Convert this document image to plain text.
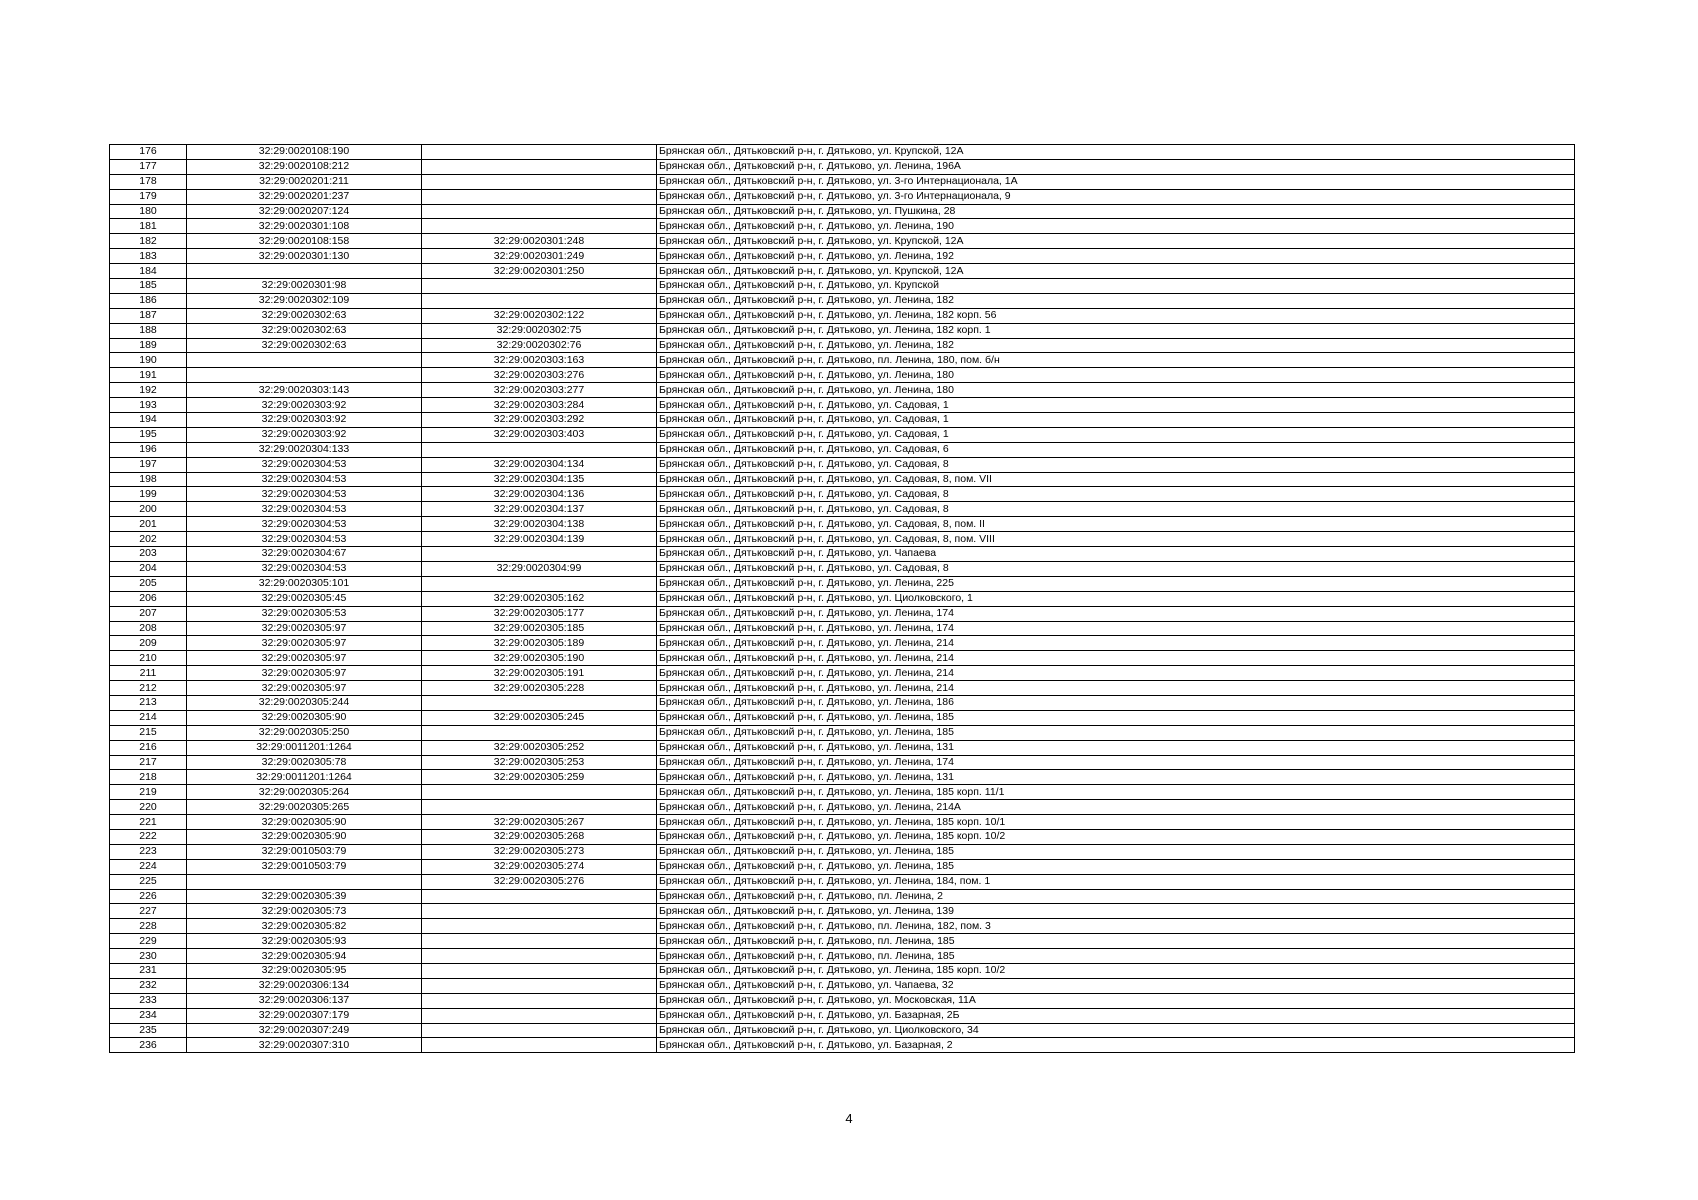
176	32:29:0020108:190		Брянская обл., Дятьковский р-н, г. Дятьково, ул. Крупской, 12А
177	32:29:0020108:212		Брянская обл., Дятьковский р-н, г. Дятьково, ул. Ленина, 196А
178	32:29:0020201:211		Брянская обл., Дятьковский р-н, г. Дятьково, ул. 3-го Интернационала, 1А
179	32:29:0020201:237		Брянская обл., Дятьковский р-н, г. Дятьково, ул. 3-го Интернационала, 9
180	32:29:0020207:124		Брянская обл., Дятьковский р-н, г. Дятьково, ул. Пушкина, 28
181	32:29:0020301:108		Брянская обл., Дятьковский р-н, г. Дятьково, ул. Ленина, 190
182	32:29:0020108:158	32:29:0020301:248	Брянская обл., Дятьковский р-н, г. Дятьково, ул. Крупской, 12А
183	32:29:0020301:130	32:29:0020301:249	Брянская обл., Дятьковский р-н, г. Дятьково, ул. Ленина, 192
184		32:29:0020301:250	Брянская обл., Дятьковский р-н, г. Дятьково, ул. Крупской, 12А
185	32:29:0020301:98		Брянская обл., Дятьковский р-н, г. Дятьково, ул. Крупской
186	32:29:0020302:109		Брянская обл., Дятьковский р-н, г. Дятьково, ул. Ленина, 182
187	32:29:0020302:63	32:29:0020302:122	Брянская обл., Дятьковский р-н, г. Дятьково, ул. Ленина, 182 корп. 56
188	32:29:0020302:63	32:29:0020302:75	Брянская обл., Дятьковский р-н, г. Дятьково, ул. Ленина, 182 корп. 1
189	32:29:0020302:63	32:29:0020302:76	Брянская обл., Дятьковский р-н, г. Дятьково, ул. Ленина, 182
190		32:29:0020303:163	Брянская обл., Дятьковский р-н, г. Дятьково, пл. Ленина, 180, пом. б/н
191		32:29:0020303:276	Брянская обл., Дятьковский р-н, г. Дятьково, ул. Ленина, 180
192	32:29:0020303:143	32:29:0020303:277	Брянская обл., Дятьковский р-н, г. Дятьково, ул. Ленина, 180
193	32:29:0020303:92	32:29:0020303:284	Брянская обл., Дятьковский р-н, г. Дятьково, ул. Садовая, 1
194	32:29:0020303:92	32:29:0020303:292	Брянская обл., Дятьковский р-н, г. Дятьково, ул. Садовая, 1
195	32:29:0020303:92	32:29:0020303:403	Брянская обл., Дятьковский р-н, г. Дятьково, ул. Садовая, 1
196	32:29:0020304:133		Брянская обл., Дятьковский р-н, г. Дятьково, ул. Садовая, 6
197	32:29:0020304:53	32:29:0020304:134	Брянская обл., Дятьковский р-н, г. Дятьково, ул. Садовая, 8
198	32:29:0020304:53	32:29:0020304:135	Брянская обл., Дятьковский р-н, г. Дятьково, ул. Садовая, 8, пом. VII
199	32:29:0020304:53	32:29:0020304:136	Брянская обл., Дятьковский р-н, г. Дятьково, ул. Садовая, 8
200	32:29:0020304:53	32:29:0020304:137	Брянская обл., Дятьковский р-н, г. Дятьково, ул. Садовая, 8
201	32:29:0020304:53	32:29:0020304:138	Брянская обл., Дятьковский р-н, г. Дятьково, ул. Садовая, 8, пом. II
202	32:29:0020304:53	32:29:0020304:139	Брянская обл., Дятьковский р-н, г. Дятьково, ул. Садовая, 8, пом. VIII
203	32:29:0020304:67		Брянская обл., Дятьковский р-н, г. Дятьково, ул. Чапаева
204	32:29:0020304:53	32:29:0020304:99	Брянская обл., Дятьковский р-н, г. Дятьково, ул. Садовая, 8
205	32:29:0020305:101		Брянская обл., Дятьковский р-н, г. Дятьково, ул. Ленина, 225
206	32:29:0020305:45	32:29:0020305:162	Брянская обл., Дятьковский р-н, г. Дятьково, ул. Циолковского, 1
207	32:29:0020305:53	32:29:0020305:177	Брянская обл., Дятьковский р-н, г. Дятьково, ул. Ленина, 174
208	32:29:0020305:97	32:29:0020305:185	Брянская обл., Дятьковский р-н, г. Дятьково, ул. Ленина, 174
209	32:29:0020305:97	32:29:0020305:189	Брянская обл., Дятьковский р-н, г. Дятьково, ул. Ленина, 214
210	32:29:0020305:97	32:29:0020305:190	Брянская обл., Дятьковский р-н, г. Дятьково, ул. Ленина, 214
211	32:29:0020305:97	32:29:0020305:191	Брянская обл., Дятьковский р-н, г. Дятьково, ул. Ленина, 214
212	32:29:0020305:97	32:29:0020305:228	Брянская обл., Дятьковский р-н, г. Дятьково, ул. Ленина, 214
213	32:29:0020305:244		Брянская обл., Дятьковский р-н, г. Дятьково, ул. Ленина, 186
214	32:29:0020305:90	32:29:0020305:245	Брянская обл., Дятьковский р-н, г. Дятьково, ул. Ленина, 185
215	32:29:0020305:250		Брянская обл., Дятьковский р-н, г. Дятьково, ул. Ленина, 185
216	32:29:0011201:1264	32:29:0020305:252	Брянская обл., Дятьковский р-н, г. Дятьково, ул. Ленина, 131
217	32:29:0020305:78	32:29:0020305:253	Брянская обл., Дятьковский р-н, г. Дятьково, ул. Ленина, 174
218	32:29:0011201:1264	32:29:0020305:259	Брянская обл., Дятьковский р-н, г. Дятьково, ул. Ленина, 131
219	32:29:0020305:264		Брянская обл., Дятьковский р-н, г. Дятьково, ул. Ленина, 185 корп. 11/1
220	32:29:0020305:265		Брянская обл., Дятьковский р-н, г. Дятьково, ул. Ленина, 214А
221	32:29:0020305:90	32:29:0020305:267	Брянская обл., Дятьковский р-н, г. Дятьково, ул. Ленина, 185 корп. 10/1
222	32:29:0020305:90	32:29:0020305:268	Брянская обл., Дятьковский р-н, г. Дятьково, ул. Ленина, 185 корп. 10/2
223	32:29:0010503:79	32:29:0020305:273	Брянская обл., Дятьковский р-н, г. Дятьково, ул. Ленина, 185
224	32:29:0010503:79	32:29:0020305:274	Брянская обл., Дятьковский р-н, г. Дятьково, ул. Ленина, 185
225		32:29:0020305:276	Брянская обл., Дятьковский р-н, г. Дятьково, ул. Ленина, 184, пом. 1
226	32:29:0020305:39		Брянская обл., Дятьковский р-н, г. Дятьково, пл. Ленина, 2
227	32:29:0020305:73		Брянская обл., Дятьковский р-н, г. Дятьково, ул. Ленина, 139
228	32:29:0020305:82		Брянская обл., Дятьковский р-н, г. Дятьково, пл. Ленина, 182, пом. 3
229	32:29:0020305:93		Брянская обл., Дятьковский р-н, г. Дятьково, пл. Ленина, 185
230	32:29:0020305:94		Брянская обл., Дятьковский р-н, г. Дятьково, пл. Ленина, 185
231	32:29:0020305:95		Брянская обл., Дятьковский р-н, г. Дятьково, ул. Ленина, 185 корп. 10/2
232	32:29:0020306:134		Брянская обл., Дятьковский р-н, г. Дятьково, ул. Чапаева, 32
233	32:29:0020306:137		Брянская обл., Дятьковский р-н, г. Дятьково, ул. Московская, 11А
234	32:29:0020307:179		Брянская обл., Дятьковский р-н, г. Дятьково, ул. Базарная, 2Б
235	32:29:0020307:249		Брянская обл., Дятьковский р-н, г. Дятьково, ул. Циолковского, 34
236	32:29:0020307:310		Брянская обл., Дятьковский р-н, г. Дятьково, ул. Базарная, 2
4
